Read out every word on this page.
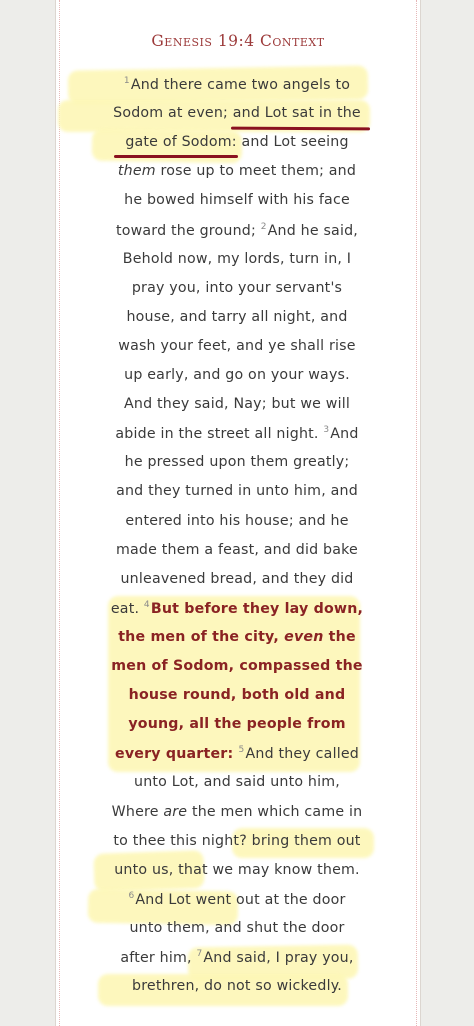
Genesis 19:4 Context
$^1$And there came two angels to
Sodom at even; and Lot sat in the
gate of Sodom: and Lot seeing
them rose up to meet them; and
he bowed himself with his face
toward the ground; $^2$And he said,
Behold now, my lords, turn in, I
pray you, into your servant's
house, and tarry all night, and
wash your feet, and ye shall rise
up early, and go on your ways.
And they said, Nay; but we will
abide in the street all night. $^3$And
he pressed upon them greatly;
and they turned in unto him, and
entered into his house; and he
made them a feast, and did bake
unleavened bread, and they did
eat. $^4$But before they lay down,
the men of the city, even the
men of Sodom, compassed the
house round, both old and
young, all the people from
every quarter: $^5$And they called
unto Lot, and said unto him,
Where are the men which came in
to thee this night? bring them out
unto us, that we may know them.
$^6$And Lot went out at the door
unto them, and shut the door
after him, $^7$And said, I pray you,
brethren, do not so wickedly.
